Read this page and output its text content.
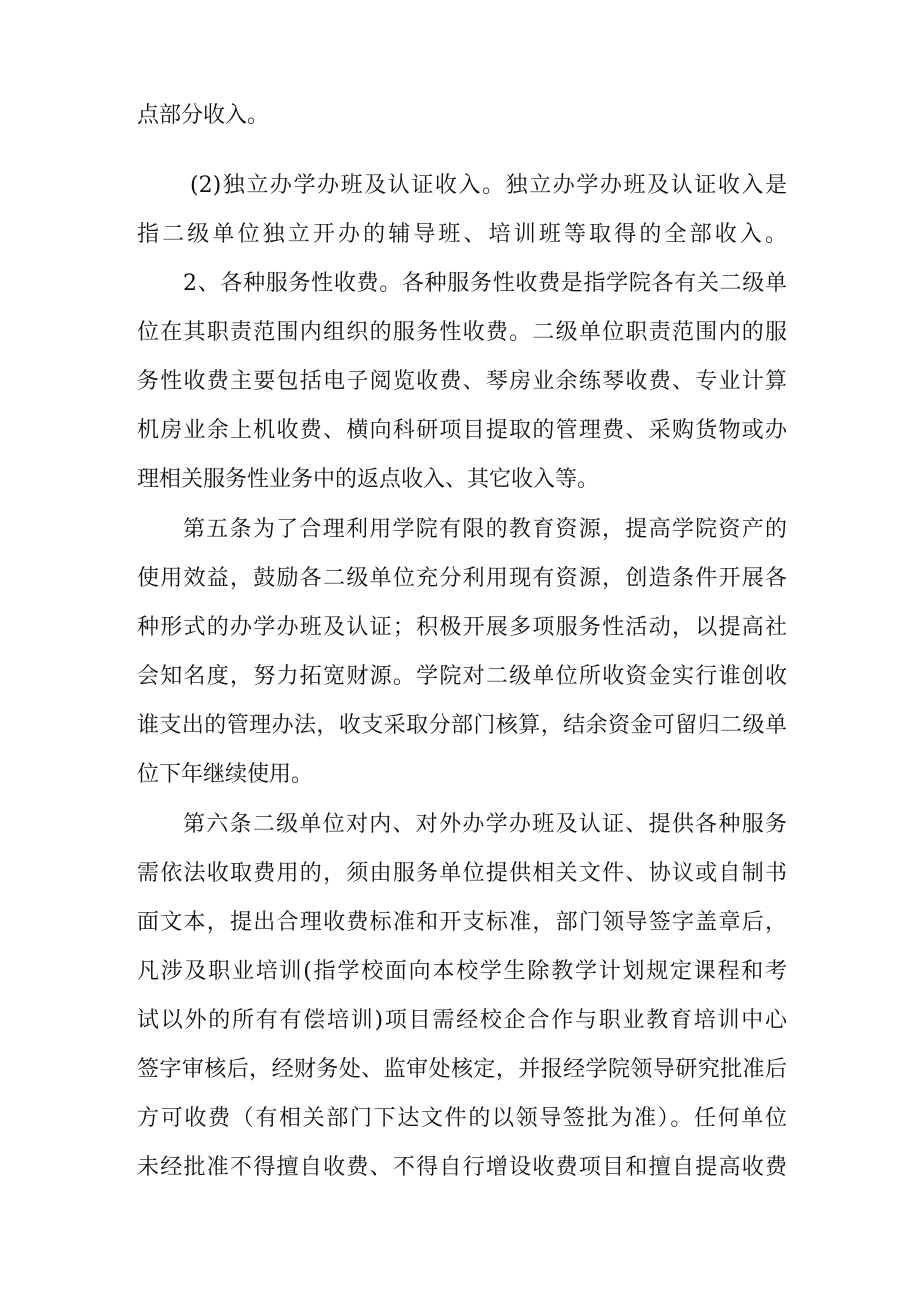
点部分收入。
(2)独立办学办班及认证收入。独立办学办班及认证收入是
指二级单位独立开办的辅导班、培训班等取得的全部收入。
2、各种服务性收费。各种服务性收费是指学院各有关二级单
位在其职责范围内组织的服务性收费。二级单位职责范围内的服
务性收费主要包括电子阅览收费、琴房业余练琴收费、专业计算
机房业余上机收费、横向科研项目提取的管理费、采购货物或办
理相关服务性业务中的返点收入、其它收入等。
第五条为了合理利用学院有限的教育资源，提高学院资产的
使用效益，鼓励各二级单位充分利用现有资源，创造条件开展各
种形式的办学办班及认证；积极开展多项服务性活动，以提高社
会知名度，努力拓宽财源。学院对二级单位所收资金实行谁创收
谁支出的管理办法，收支采取分部门核算，结余资金可留归二级单
位下年继续使用。
第六条二级单位对内、对外办学办班及认证、提供各种服务
需依法收取费用的，须由服务单位提供相关文件、协议或自制书
面文本，提出合理收费标准和开支标准，部门领导签字盖章后，
凡涉及职业培训(指学校面向本校学生除教学计划规定课程和考
试以外的所有有偿培训)项目需经校企合作与职业教育培训中心
签字审核后，经财务处、监审处核定，并报经学院领导研究批准后
方可收费（有相关部门下达文件的以领导签批为准）。任何单位
未经批准不得擅自收费、不得自行增设收费项目和擅自提高收费
